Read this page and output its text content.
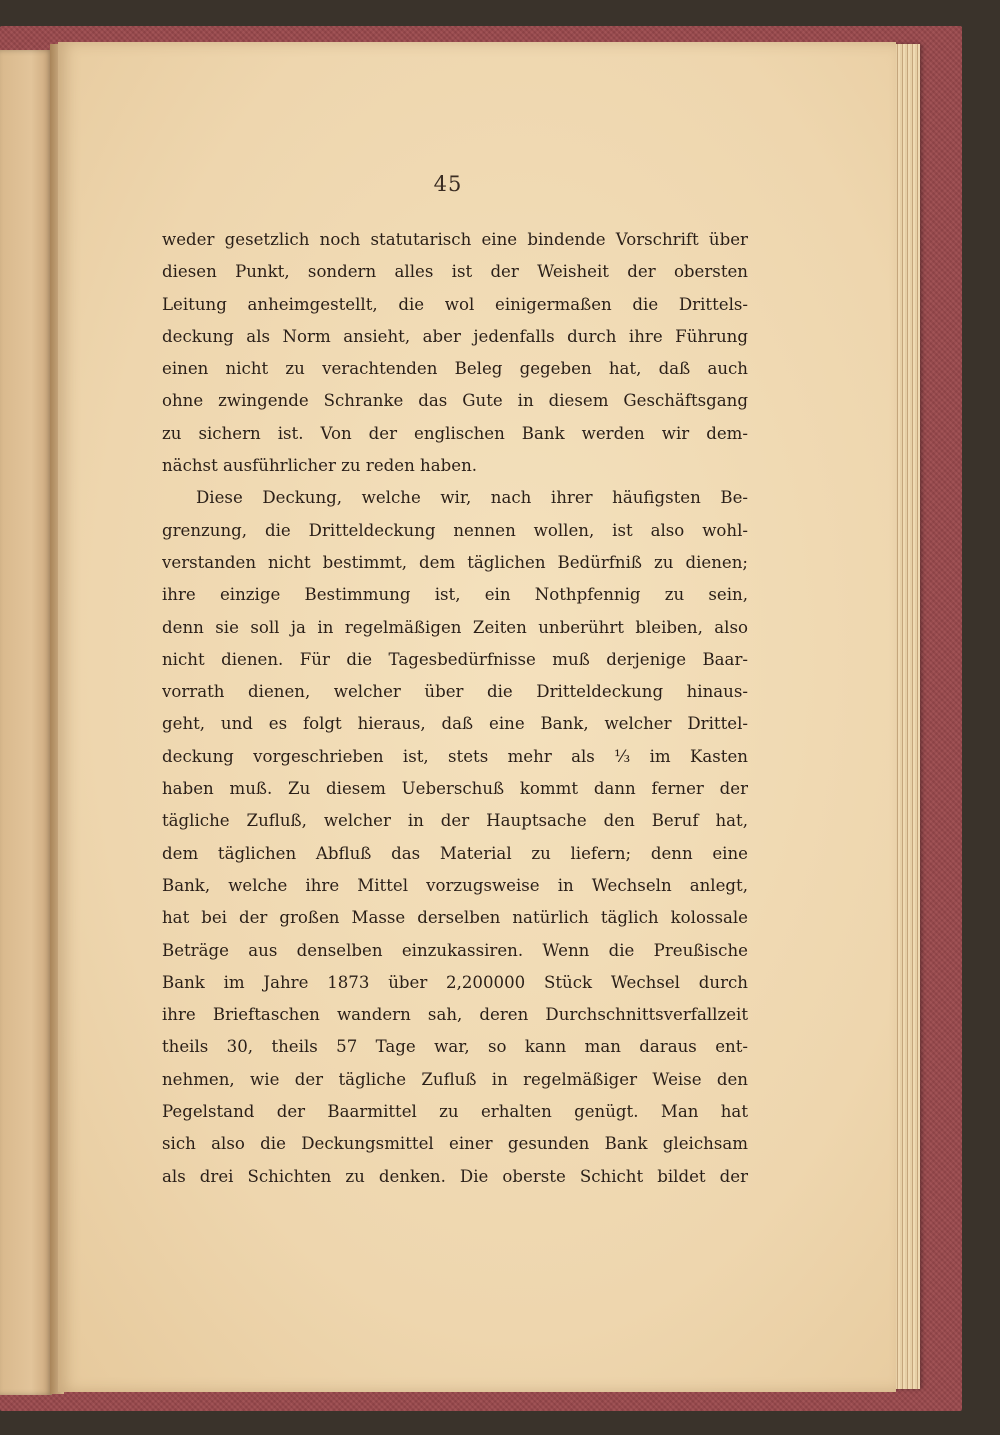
45
weder gesetzlich noch statutarisch eine bindende Vorschrift über
diesen Punkt, sondern alles ist der Weisheit der obersten
Leitung anheimgestellt, die wol einigermaßen die Drittels-
deckung als Norm ansieht, aber jedenfalls durch ihre Führung
einen nicht zu verachtenden Beleg gegeben hat, daß auch
ohne zwingende Schranke das Gute in diesem Geschäftsgang
zu sichern ist. Von der englischen Bank werden wir dem-
nächst ausführlicher zu reden haben.
Diese Deckung, welche wir, nach ihrer häufigsten Be-
grenzung, die Dritteldeckung nennen wollen, ist also wohl-
verstanden nicht bestimmt, dem täglichen Bedürfniß zu dienen;
ihre einzige Bestimmung ist, ein Nothpfennig zu sein,
denn sie soll ja in regelmäßigen Zeiten unberührt bleiben, also
nicht dienen. Für die Tagesbedürfnisse muß derjenige Baar-
vorrath dienen, welcher über die Dritteldeckung hinaus-
geht, und es folgt hieraus, daß eine Bank, welcher Drittel-
deckung vorgeschrieben ist, stets mehr als ⅓ im Kasten
haben muß. Zu diesem Ueberschuß kommt dann ferner der
tägliche Zufluß, welcher in der Hauptsache den Beruf hat,
dem täglichen Abfluß das Material zu liefern; denn eine
Bank, welche ihre Mittel vorzugsweise in Wechseln anlegt,
hat bei der großen Masse derselben natürlich täglich kolossale
Beträge aus denselben einzukassiren. Wenn die Preußische
Bank im Jahre 1873 über 2,200000 Stück Wechsel durch
ihre Brieftaschen wandern sah, deren Durchschnittsverfallzeit
theils 30, theils 57 Tage war, so kann man daraus ent-
nehmen, wie der tägliche Zufluß in regelmäßiger Weise den
Pegelstand der Baarmittel zu erhalten genügt. Man hat
sich also die Deckungsmittel einer gesunden Bank gleichsam
als drei Schichten zu denken. Die oberste Schicht bildet der
